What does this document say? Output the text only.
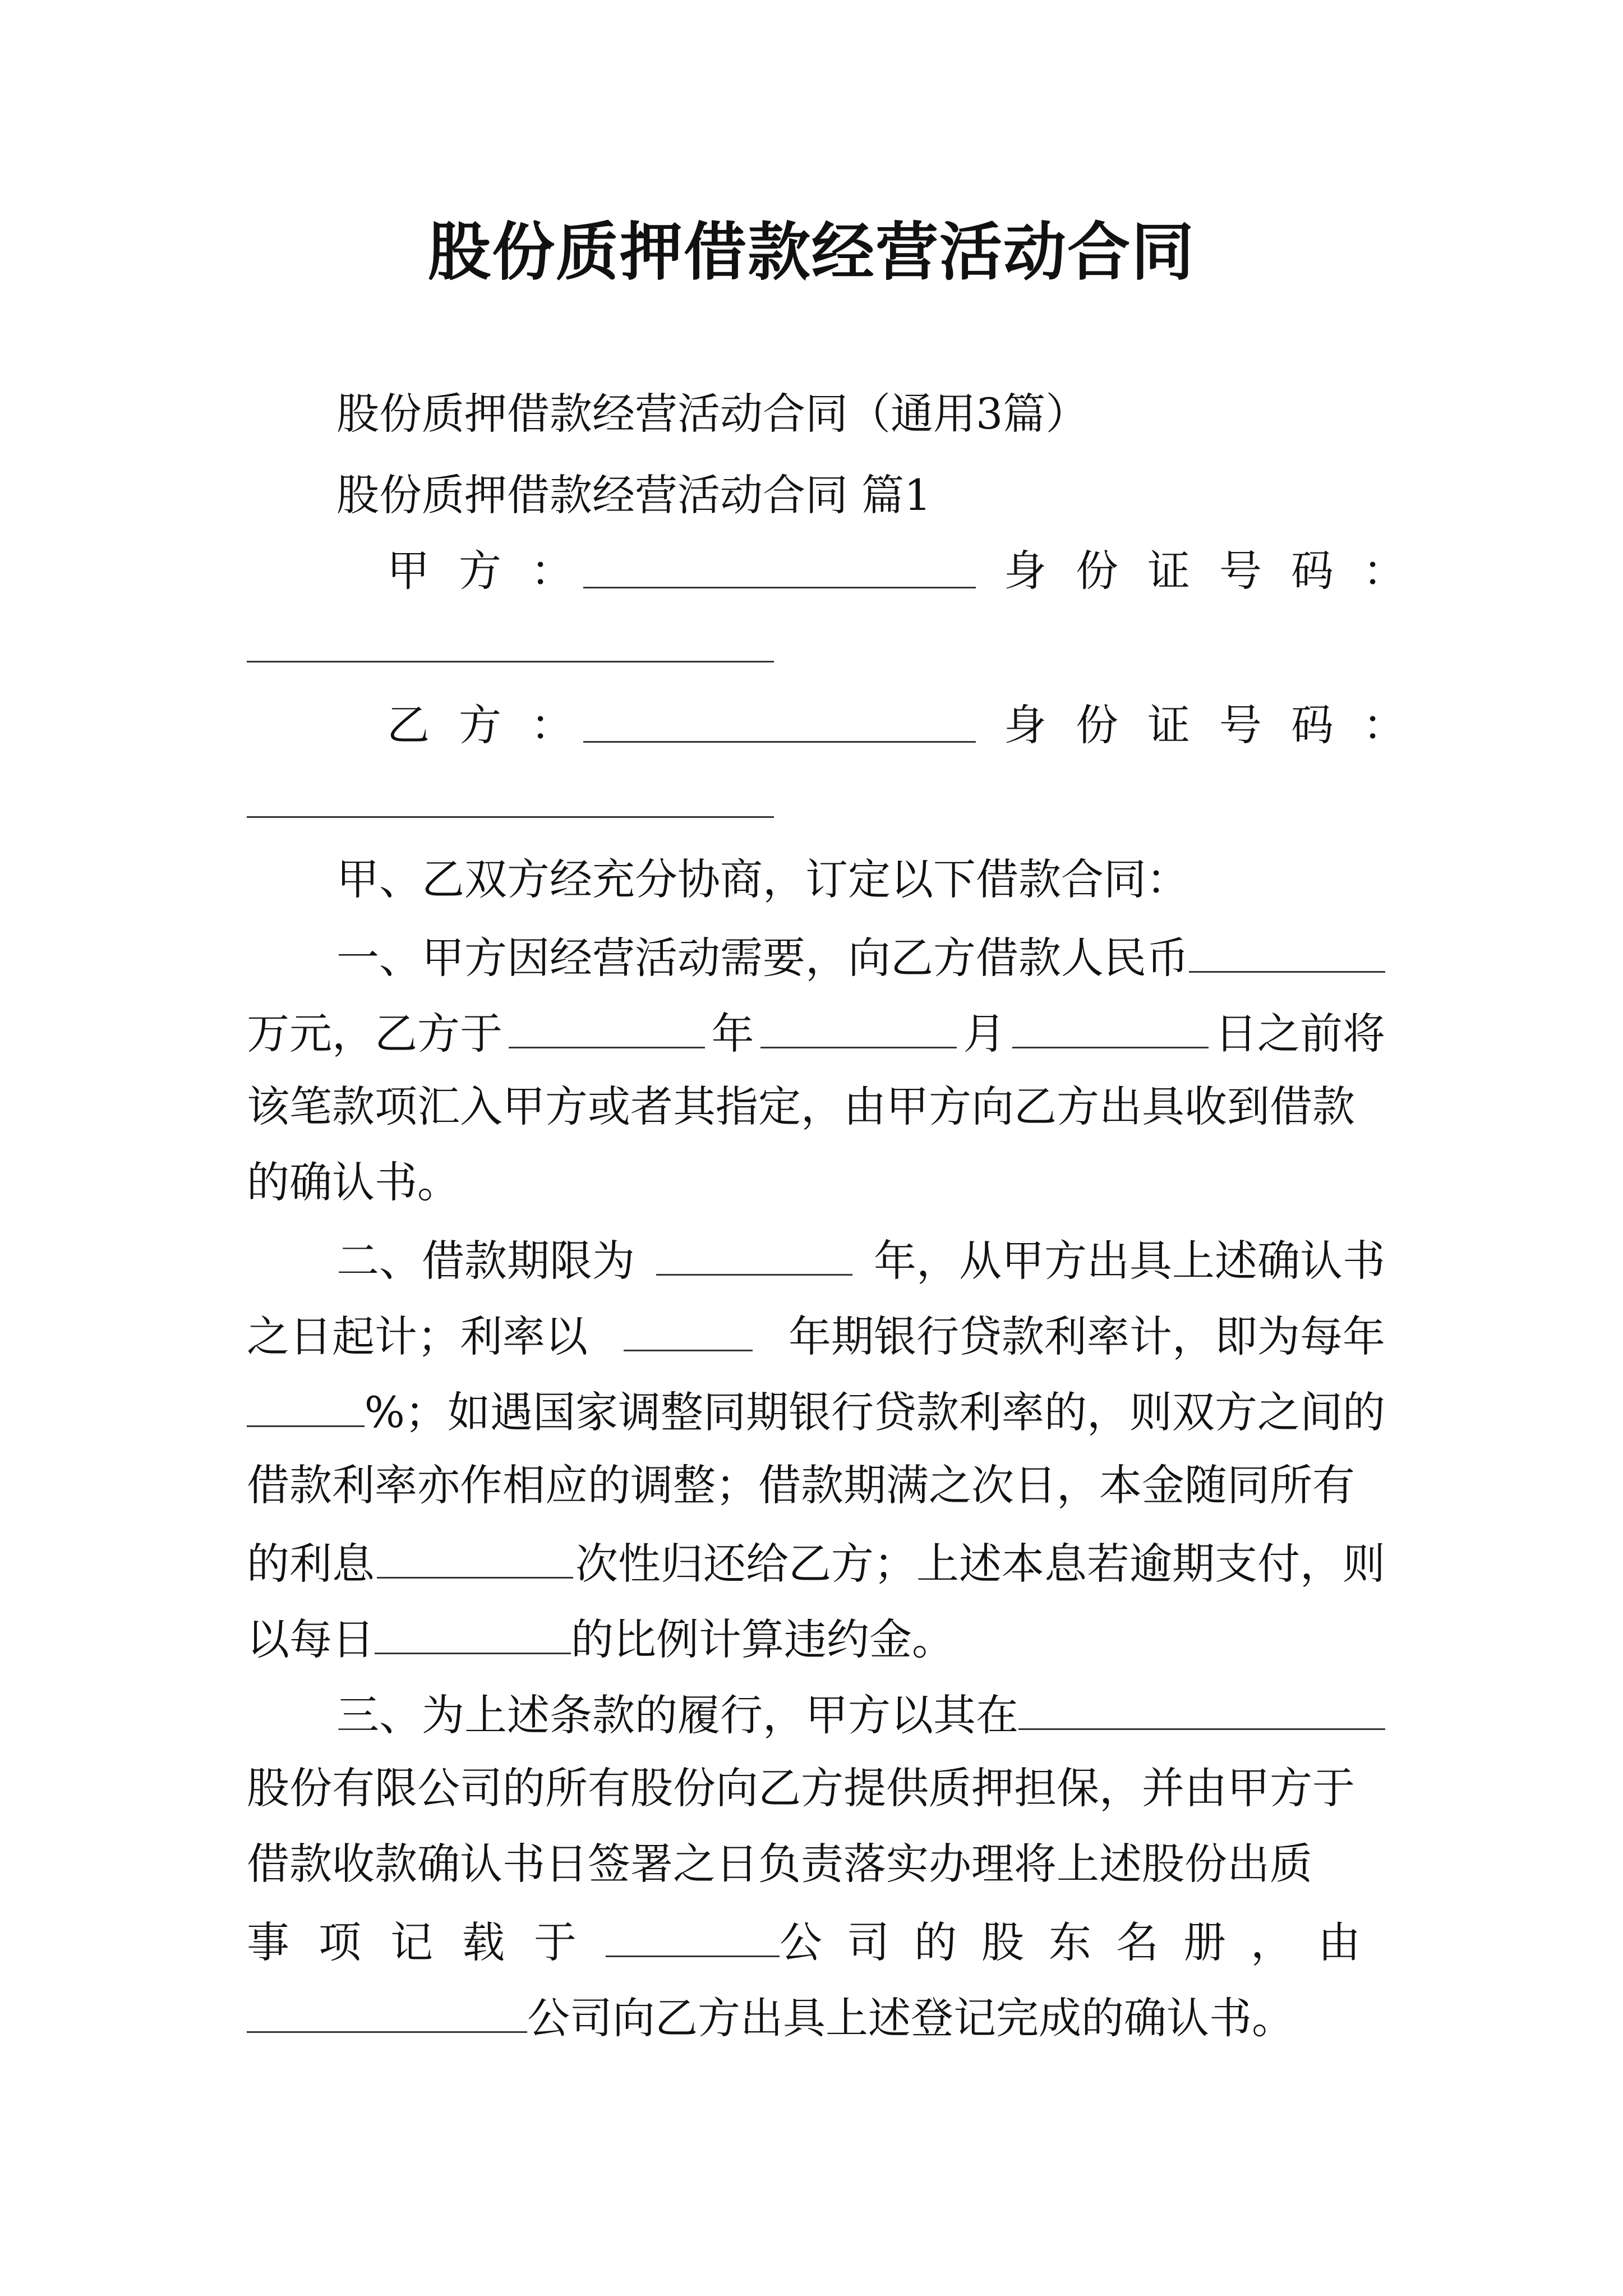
股份质押借款经营活动合同
股份质押借款经营活动合同（通用3篇）
股份质押借款经营活动合同 篇1
甲方：	身份证号码：
乙方：	身份证号码：
甲、乙双方经充分协商，订定以下借款合同：
一、甲方因经营活动需要，向乙方借款人民币
万元，乙方于	年	月	日之前将
该笔款项汇入甲方或者其指定，由甲方向乙方出具收到借款
的确认书。
二、借款期限为	年，从甲方出具上述确认书
之日起计；利率以	年期银行贷款利率计，即为每年
%；如遇国家调整同期银行贷款利率的，则双方之间的
借款利率亦作相应的调整；借款期满之次日，本金随同所有
的利息	次性归还给乙方；上述本息若逾期支付，则
以每日	的比例计算违约金。
三、为上述条款的履行，甲方以其在
股份有限公司的所有股份向乙方提供质押担保，并由甲方于
借款收款确认书日签署之日负责落实办理将上述股份出质
事项记载于	公司的股东名册，由
公司向乙方出具上述登记完成的确认书。
